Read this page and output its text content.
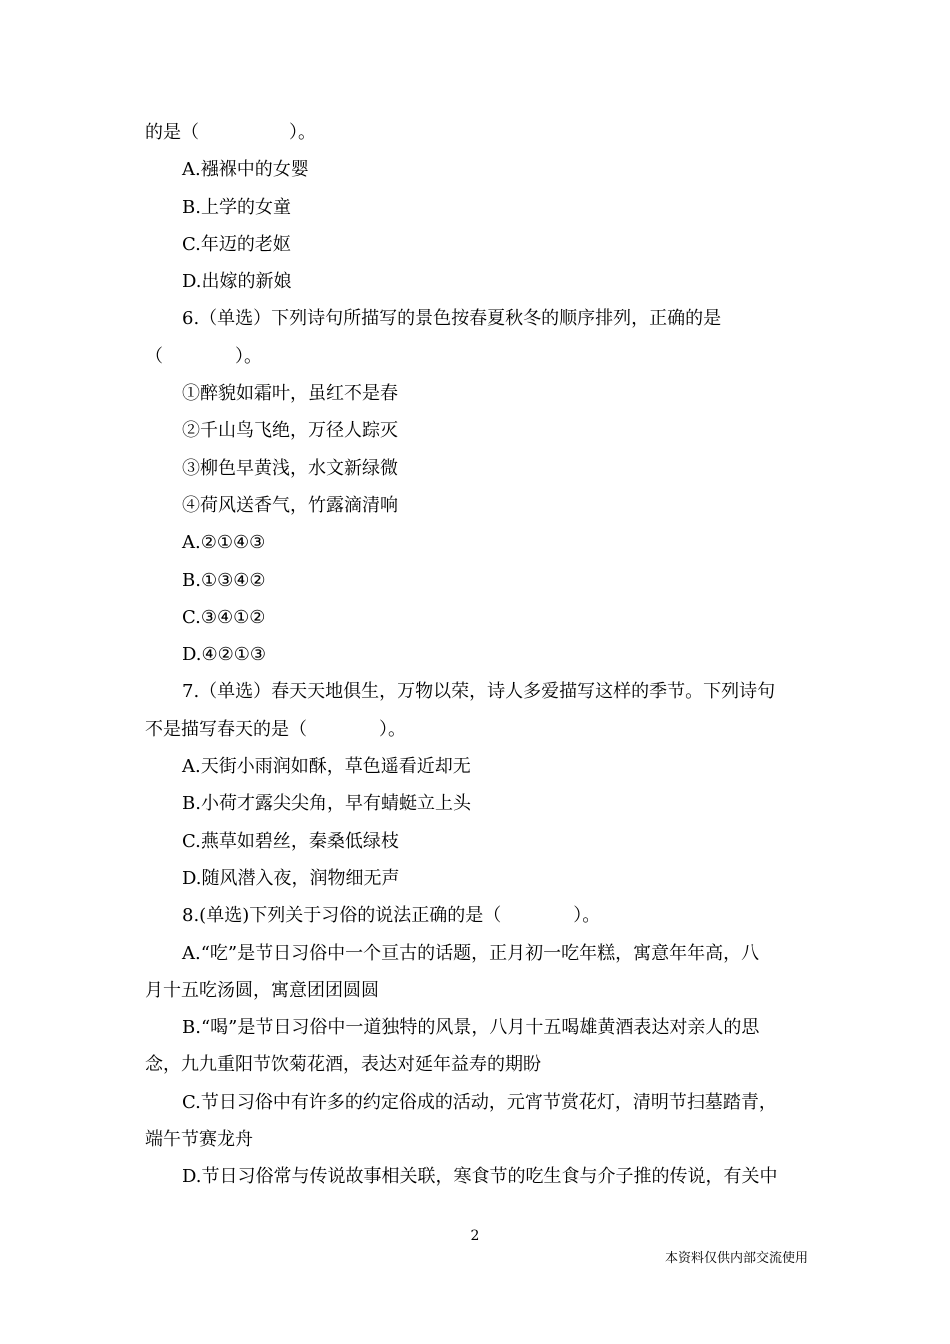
的是（　　　　　）。
A.襁褓中的女婴
B.上学的女童
C.年迈的老妪
D.出嫁的新娘
6.（单选）下列诗句所描写的景色按春夏秋冬的顺序排列，正确的是
（　　　　）。
①醉貌如霜叶，虽红不是春
②千山鸟飞绝，万径人踪灭
③柳色早黄浅，水文新绿微
④荷风送香气，竹露滴清响
A.②①④③
B.①③④②
C.③④①②
D.④②①③
7.（单选）春天天地俱生，万物以荣，诗人多爱描写这样的季节。下列诗句
不是描写春天的是（　　　　）。
A.天街小雨润如酥，草色遥看近却无
B.小荷才露尖尖角，早有蜻蜓立上头
C.燕草如碧丝，秦桑低绿枝
D.随风潜入夜，润物细无声
8.(单选)下列关于习俗的说法正确的是（　　　　）。
A.“吃”是节日习俗中一个亘古的话题，正月初一吃年糕，寓意年年高，八
月十五吃汤圆，寓意团团圆圆
B.“喝”是节日习俗中一道独特的风景，八月十五喝雄黄酒表达对亲人的思
念，九九重阳节饮菊花酒，表达对延年益寿的期盼
C.节日习俗中有许多的约定俗成的活动，元宵节赏花灯，清明节扫墓踏青，
端午节赛龙舟
D.节日习俗常与传说故事相关联，寒食节的吃生食与介子推的传说，有关中
2
本资料仅供内部交流使用
